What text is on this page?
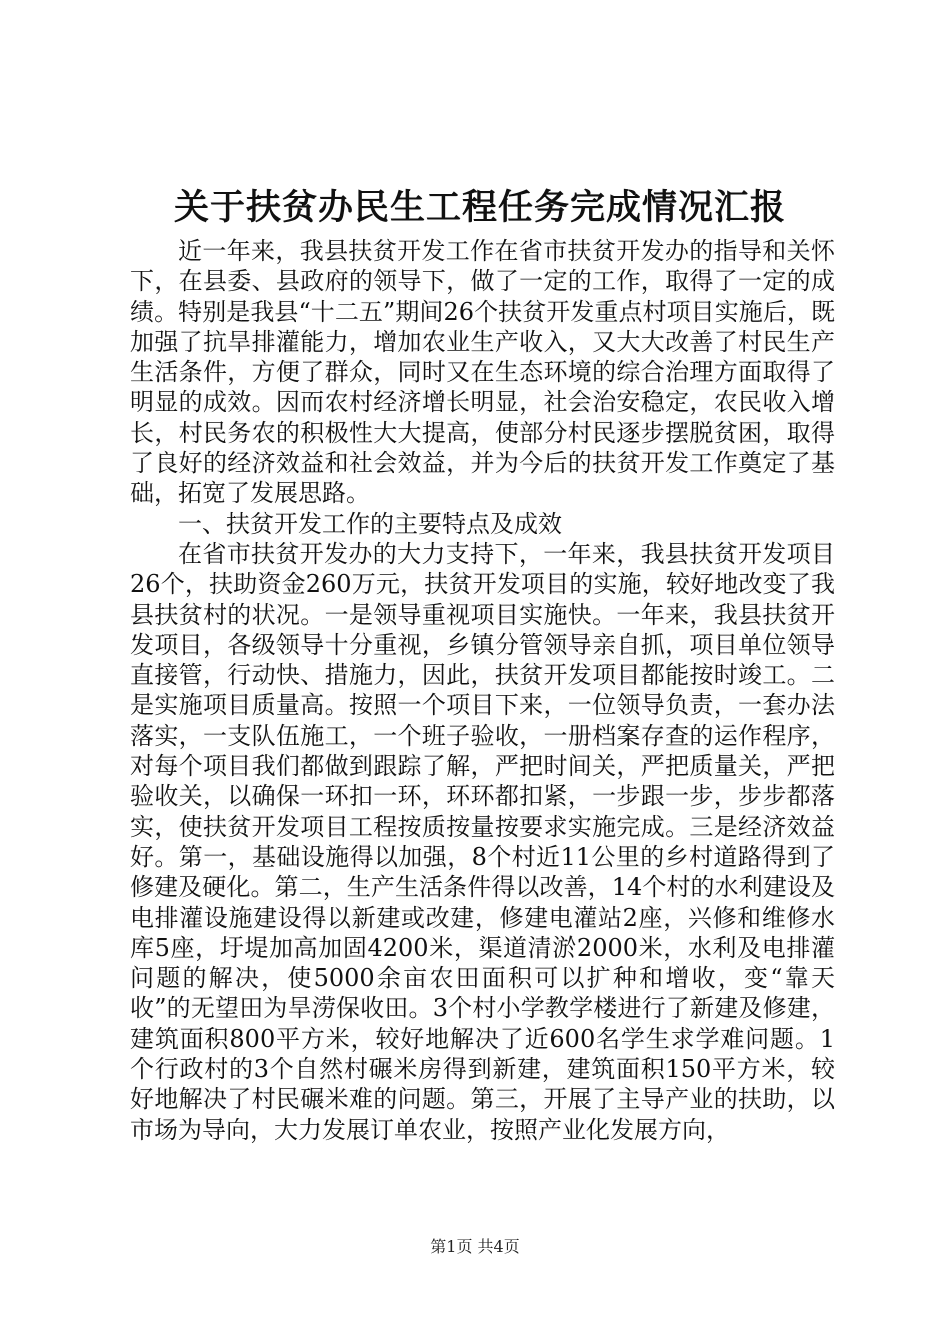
关于扶贫办民生工程任务完成情况汇报

近一年来，我县扶贫开发工作在省市扶贫开发办的指导和关怀下，在县委、县政府的领导下，做了一定的工作，取得了一定的成绩。特别是我县“十二五”期间26个扶贫开发重点村项目实施后，既加强了抗旱排灌能力，增加农业生产收入，又大大改善了村民生产生活条件，方便了群众，同时又在生态环境的综合治理方面取得了明显的成效。因而农村经济增长明显，社会治安稳定，农民收入增长，村民务农的积极性大大提高，使部分村民逐步摆脱贫困，取得了良好的经济效益和社会效益，并为今后的扶贫开发工作奠定了基础，拓宽了发展思路。

一、扶贫开发工作的主要特点及成效

在省市扶贫开发办的大力支持下，一年来，我县扶贫开发项目26个，扶助资金260万元，扶贫开发项目的实施，较好地改变了我县扶贫村的状况。一是领导重视项目实施快。一年来，我县扶贫开发项目，各级领导十分重视，乡镇分管领导亲自抓，项目单位领导直接管，行动快、措施力，因此，扶贫开发项目都能按时竣工。二是实施项目质量高。按照一个项目下来，一位领导负责，一套办法落实，一支队伍施工，一个班子验收，一册档案存查的运作程序，对每个项目我们都做到跟踪了解，严把时间关，严把质量关，严把验收关，以确保一环扣一环，环环都扣紧，一步跟一步，步步都落实，使扶贫开发项目工程按质按量按要求实施完成。三是经济效益好。第一，基础设施得以加强，8个村近11公里的乡村道路得到了修建及硬化。第二，生产生活条件得以改善，14个村的水利建设及电排灌设施建设得以新建或改建，修建电灌站2座，兴修和维修水库5座，圩堤加高加固4200米，渠道清淤2000米，水利及电排灌问题的解决，使5000余亩农田面积可以扩种和增收，变“靠天收”的无望田为旱涝保收田。3个村小学教学楼进行了新建及修建，建筑面积800平方米，较好地解决了近600名学生求学难问题。1个行政村的3个自然村碾米房得到新建，建筑面积150平方米，较好地解决了村民碾米难的问题。第三，开展了主导产业的扶助，以市场为导向，大力发展订单农业，按照产业化发展方向，

第1页 共4页
